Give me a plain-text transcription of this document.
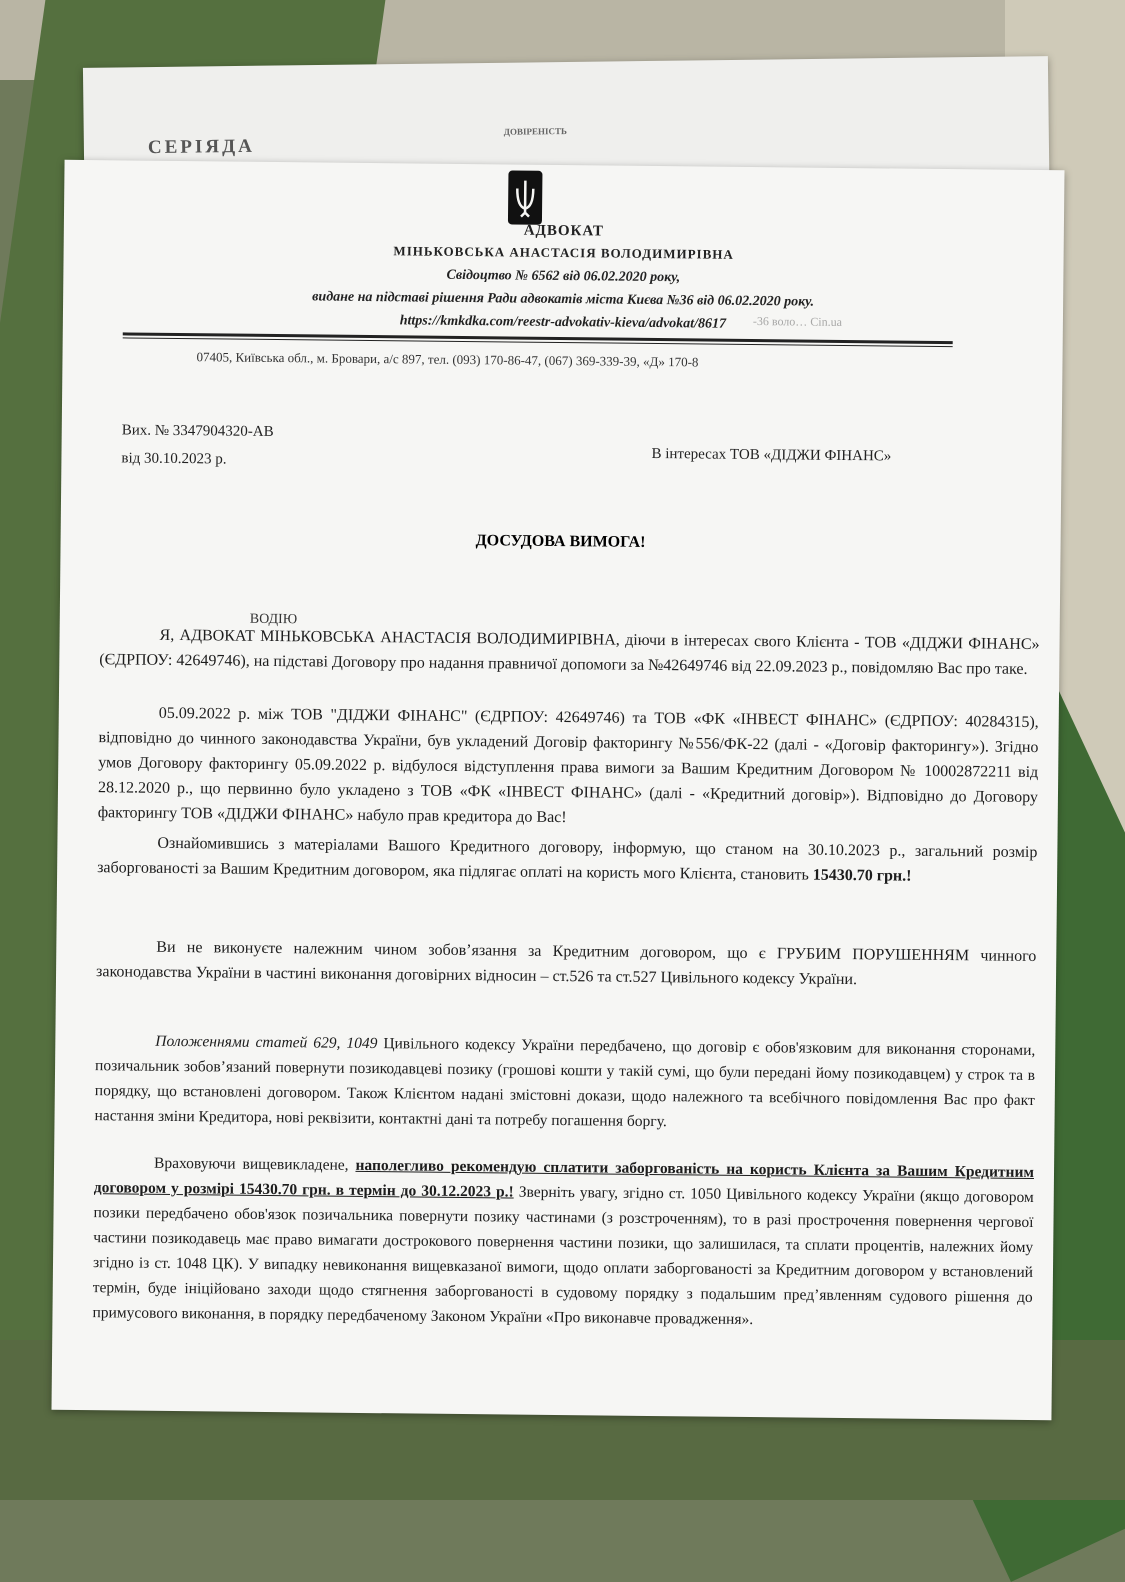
СЕРІЯДА
ДОВІРЕНІСТЬ
АДВОКАТ
МІНЬКОВСЬКА АНАСТАСІЯ ВОЛОДИМИРІВНА
Свідоцтво № 6562 від 06.02.2020 року,
видане на підставі рішення Ради адвокатів міста Києва №36 від 06.02.2020 року.
https://kmkdka.com/reestr-advokativ-kieva/advokat/8617	-36 воло… Cin.ua
07405, Київська обл., м. Бровари, а/с 897, тел. (093) 170-86-47, (067) 369-339-39, «Д» 170-8
Вих. № 3347904320-АВ
від 30.10.2023 р.	В інтересах ТОВ «ДІДЖИ ФІНАНС»
ДОСУДОВА ВИМОГА!
ВОДІЮ
Я, АДВОКАТ МІНЬКОВСЬКА АНАСТАСІЯ ВОЛОДИМИРІВНА, діючи в інтересах свого Клієнта - ТОВ «ДІДЖИ ФІНАНС» (ЄДРПОУ: 42649746), на підставі Договору про надання правничої допомоги за №42649746 від 22.09.2023 р., повідомляю Вас про таке.
05.09.2022 р. між ТОВ "ДІДЖИ ФІНАНС" (ЄДРПОУ: 42649746) та ТОВ «ФК «ІНВЕСТ ФІНАНС» (ЄДРПОУ: 40284315), відповідно до чинного законодавства України, був укладений Договір факторингу №556/ФК-22 (далі - «Договір факторингу»). Згідно умов Договору факторингу 05.09.2022 р. відбулося відступлення права вимоги за Вашим Кредитним Договором № 10002872211 від 28.12.2020 р., що первинно було укладено з ТОВ «ФК «ІНВЕСТ ФІНАНС» (далі - «Кредитний договір»). Відповідно до Договору факторингу ТОВ «ДІДЖИ ФІНАНС» набуло прав кредитора до Вас!
Ознайомившись з матеріалами Вашого Кредитного договору, інформую, що станом на 30.10.2023 р., загальний розмір заборгованості за Вашим Кредитним договором, яка підлягає оплаті на користь мого Клієнта, становить 15430.70 грн.!
Ви не виконуєте належним чином зобов’язання за Кредитним договором, що є ГРУБИМ ПОРУШЕННЯМ чинного законодавства України в частині виконання договірних відносин – ст.526 та ст.527 Цивільного кодексу України.
Положеннями статей 629, 1049 Цивільного кодексу України передбачено, що договір є обов'язковим для виконання сторонами, позичальник зобов’язаний повернути позикодавцеві позику (грошові кошти у такій сумі, що були передані йому позикодавцем) у строк та в порядку, що встановлені договором. Також Клієнтом надані змістовні докази, щодо належного та всебічного повідомлення Вас про факт настання зміни Кредитора, нові реквізити, контактні дані та потребу погашення боргу.
Враховуючи вищевикладене, наполегливо рекомендую сплатити заборгованість на користь Клієнта за Вашим Кредитним договором у розмірі 15430.70 грн. в термін до 30.12.2023 р.! Зверніть увагу, згідно ст. 1050 Цивільного кодексу України (якщо договором позики передбачено обов'язок позичальника повернути позику частинами (з розстроченням), то в разі прострочення повернення чергової частини позикодавець має право вимагати дострокового повернення частини позики, що залишилася, та сплати процентів, належних йому згідно із ст. 1048 ЦК). У випадку невиконання вищевказаної вимоги, щодо оплати заборгованості за Кредитним договором у встановлений термін, буде ініційовано заходи щодо стягнення заборгованості в судовому порядку з подальшим пред’явленням судового рішення до примусового виконання, в порядку передбаченому Законом України «Про виконавче провадження».
